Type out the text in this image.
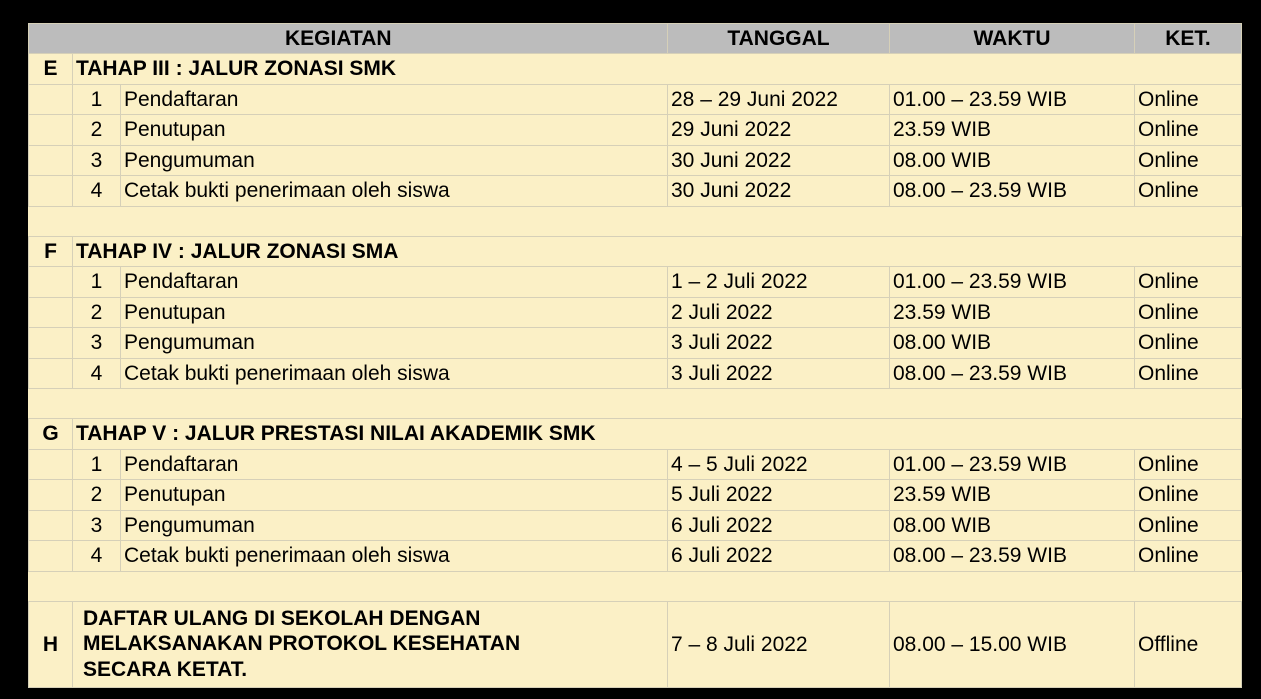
KEGIATAN			TANGGAL	WAKTU	KET.
E	TAHAP III : JALUR ZONASI SMK				
	1	Pendaftaran	28 – 29 Juni 2022	01.00 – 23.59 WIB	Online
	2	Penutupan	29 Juni 2022	23.59 WIB	Online
	3	Pengumuman	30 Juni 2022	08.00 WIB	Online
	4	Cetak bukti penerimaan oleh siswa	30 Juni 2022	08.00 – 23.59 WIB	Online

F	TAHAP IV : JALUR ZONASI SMA				
	1	Pendaftaran	1 – 2 Juli 2022	01.00 – 23.59 WIB	Online
	2	Penutupan	2 Juli 2022	23.59 WIB	Online
	3	Pengumuman	3 Juli 2022	08.00 WIB	Online
	4	Cetak bukti penerimaan oleh siswa	3 Juli 2022	08.00 – 23.59 WIB	Online

G	TAHAP V : JALUR PRESTASI NILAI AKADEMIK SMK				
	1	Pendaftaran	4 – 5 Juli 2022	01.00 – 23.59 WIB	Online
	2	Penutupan	5 Juli 2022	23.59 WIB	Online
	3	Pengumuman	6 Juli 2022	08.00 WIB	Online
	4	Cetak bukti penerimaan oleh siswa	6 Juli 2022	08.00 – 23.59 WIB	Online

H	DAFTAR ULANG DI SEKOLAH DENGAN
MELAKSANAKAN PROTOKOL KESEHATAN
SECARA KETAT.		7 – 8 Juli 2022	08.00 – 15.00 WIB	Offline
